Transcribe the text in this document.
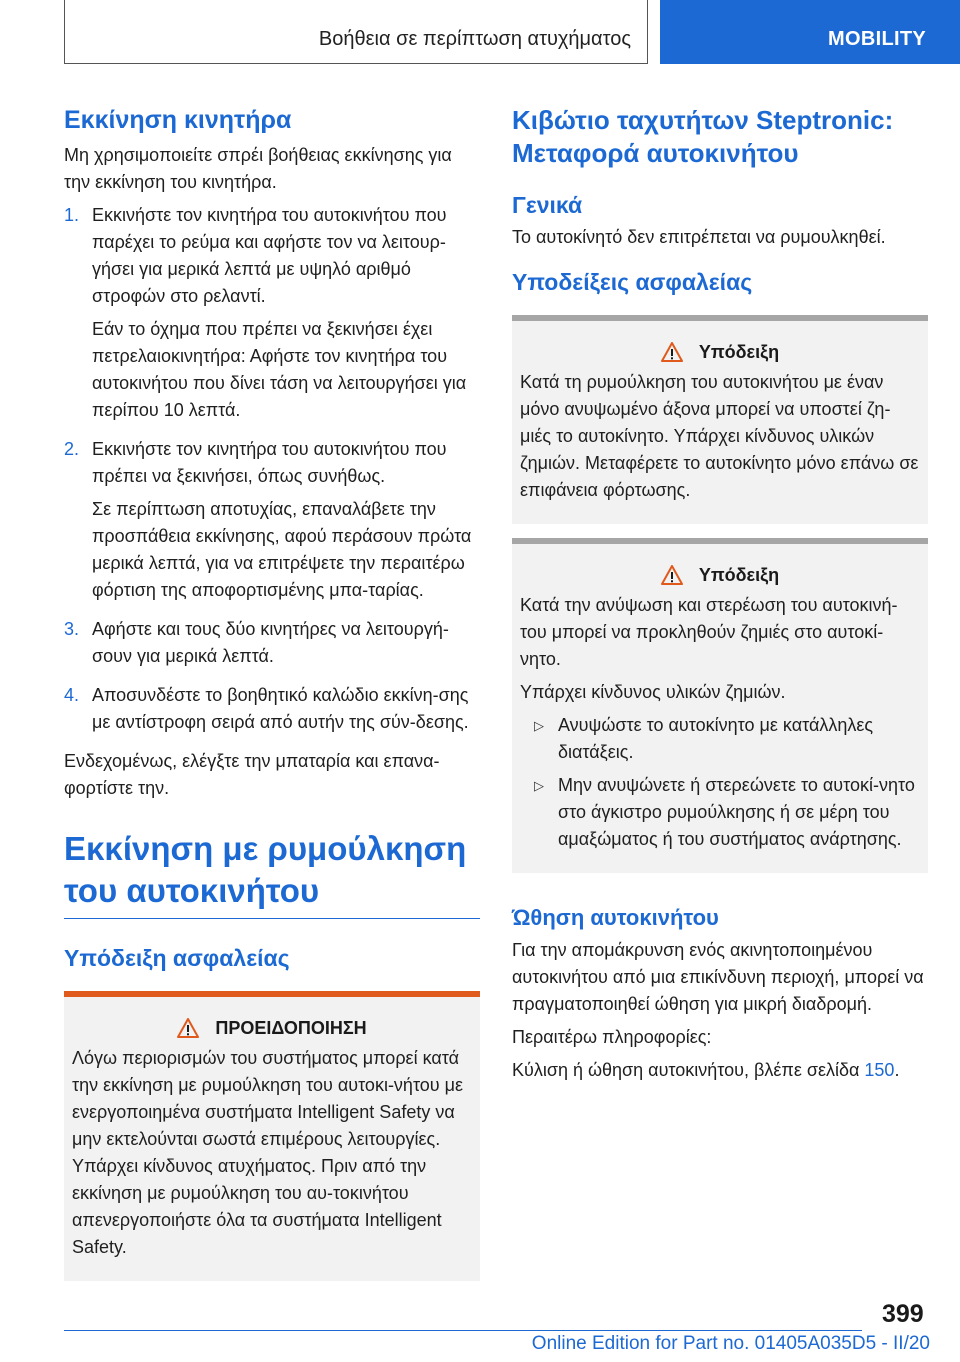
Βοήθεια σε περίπτωση ατυχήματος	MOBILITY
Εκκίνηση κινητήρα

Μη χρησιμοποιείτε σπρέι βοήθειας εκκίνησης για την εκκίνηση του κινητήρα.

1. Εκκινήστε τον κινητήρα του αυτοκινήτου που παρέχει το ρεύμα και αφήστε τον να λειτουρ-γήσει για μερικά λεπτά με υψηλό αριθμό στροφών στο ρελαντί.

Εάν το όχημα που πρέπει να ξεκινήσει έχει πετρελαιοκινητήρα: Αφήστε τον κινητήρα του αυτοκινήτου που δίνει τάση να λειτουργήσει για περίπου 10 λεπτά.

2. Εκκινήστε τον κινητήρα του αυτοκινήτου που πρέπει να ξεκινήσει, όπως συνήθως.

Σε περίπτωση αποτυχίας, επαναλάβετε την προσπάθεια εκκίνησης, αφού περάσουν πρώτα μερικά λεπτά, για να επιτρέψετε την περαιτέρω φόρτιση της αποφορτισμένης μπα-ταρίας.

3. Αφήστε και τους δύο κινητήρες να λειτουργή-σουν για μερικά λεπτά.

4. Αποσυνδέστε το βοηθητικό καλώδιο εκκίνη-σης με αντίστροφη σειρά από αυτήν της σύν-δεσης.

Ενδεχομένως, ελέγξτε την μπαταρία και επανα-φορτίστε την.

Εκκίνηση με ρυμούλκηση του αυτοκινήτου
Υπόδειξη ασφαλείας
ΠΡΟΕΙΔΟΠΟΙΗΣΗ

Λόγω περιορισμών του συστήματος μπορεί κατά την εκκίνηση με ρυμούλκηση του αυτοκι-νήτου με ενεργοποιημένα συστήματα Intelligent Safety να μην εκτελούνται σωστά επιμέρους λειτουργίες. Υπάρχει κίνδυνος ατυχήματος. Πριν από την εκκίνηση με ρυμούλκηση του αυ-τοκινήτου απενεργοποιήστε όλα τα συστήματα Intelligent Safety.

Κιβώτιο ταχυτήτων Steptronic: Μεταφορά αυτοκινήτου
Γενικά

Το αυτοκίνητό δεν επιτρέπεται να ρυμουλκηθεί.

Υποδείξεις ασφαλείας
Υπόδειξη

Κατά τη ρυμούλκηση του αυτοκινήτου με έναν μόνο ανυψωμένο άξονα μπορεί να υποστεί ζη-μιές το αυτοκίνητο. Υπάρχει κίνδυνος υλικών ζημιών. Μεταφέρετε το αυτοκίνητο μόνο επάνω σε επιφάνεια φόρτωσης.

Υπόδειξη

Κατά την ανύψωση και στερέωση του αυτοκινή-του μπορεί να προκληθούν ζημιές στο αυτοκί-νητο.

Υπάρχει κίνδυνος υλικών ζημιών.

▷ Ανυψώστε το αυτοκίνητο με κατάλληλες διατάξεις.

▷ Μην ανυψώνετε ή στερεώνετε το αυτοκί-νητο στο άγκιστρο ρυμούλκησης ή σε μέρη του αμαξώματος ή του συστήματος ανάρτησης.

Ώθηση αυτοκινήτου

Για την απομάκρυνση ενός ακινητοποιημένου αυτοκινήτου από μια επικίνδυνη περιοχή, μπορεί να πραγματοποιηθεί ώθηση για μικρή διαδρομή.

Περαιτέρω πληροφορίες:

Κύλιση ή ώθηση αυτοκινήτου, βλέπε σελίδα 150.

399
Online Edition for Part no. 01405A035D5 - II/20
